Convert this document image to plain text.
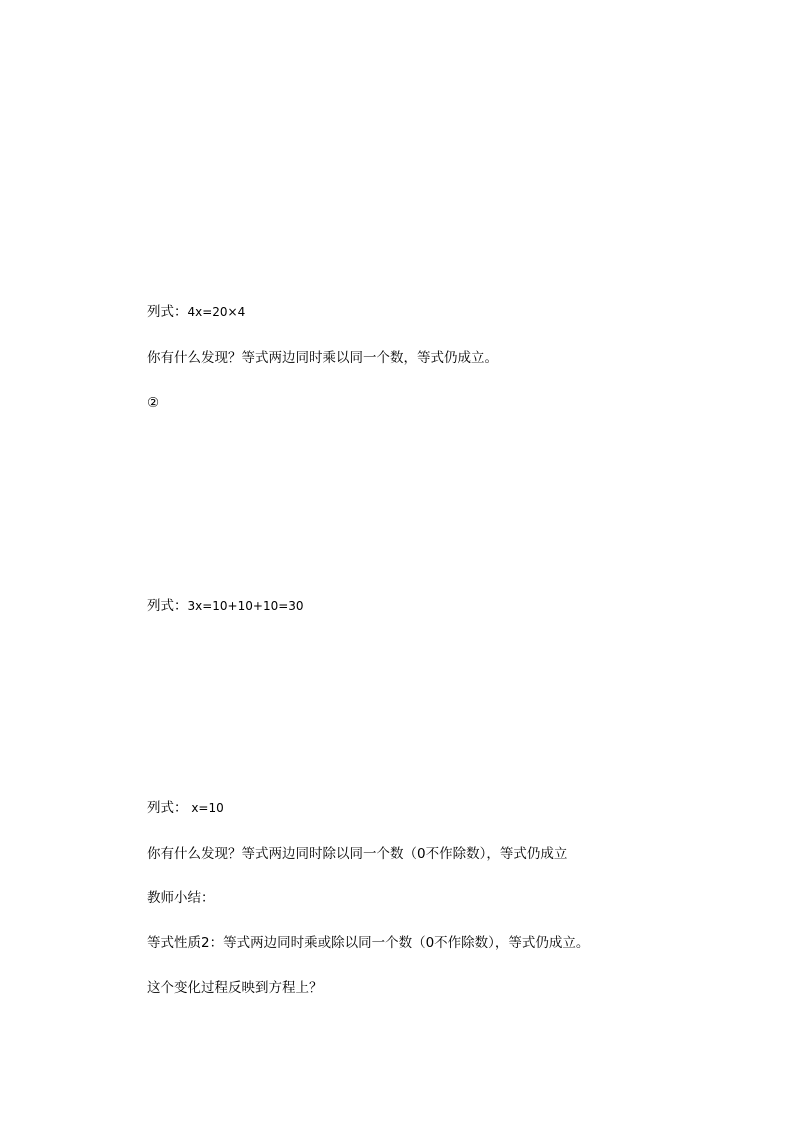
列式：4x=20×4
你有什么发现？等式两边同时乘以同一个数，等式仍成立。
②
列式：3x=10+10+10=30
列式： x=10
你有什么发现？等式两边同时除以同一个数（0不作除数），等式仍成立
教师小结：
等式性质2：等式两边同时乘或除以同一个数（0不作除数），等式仍成立。
这个变化过程反映到方程上？
